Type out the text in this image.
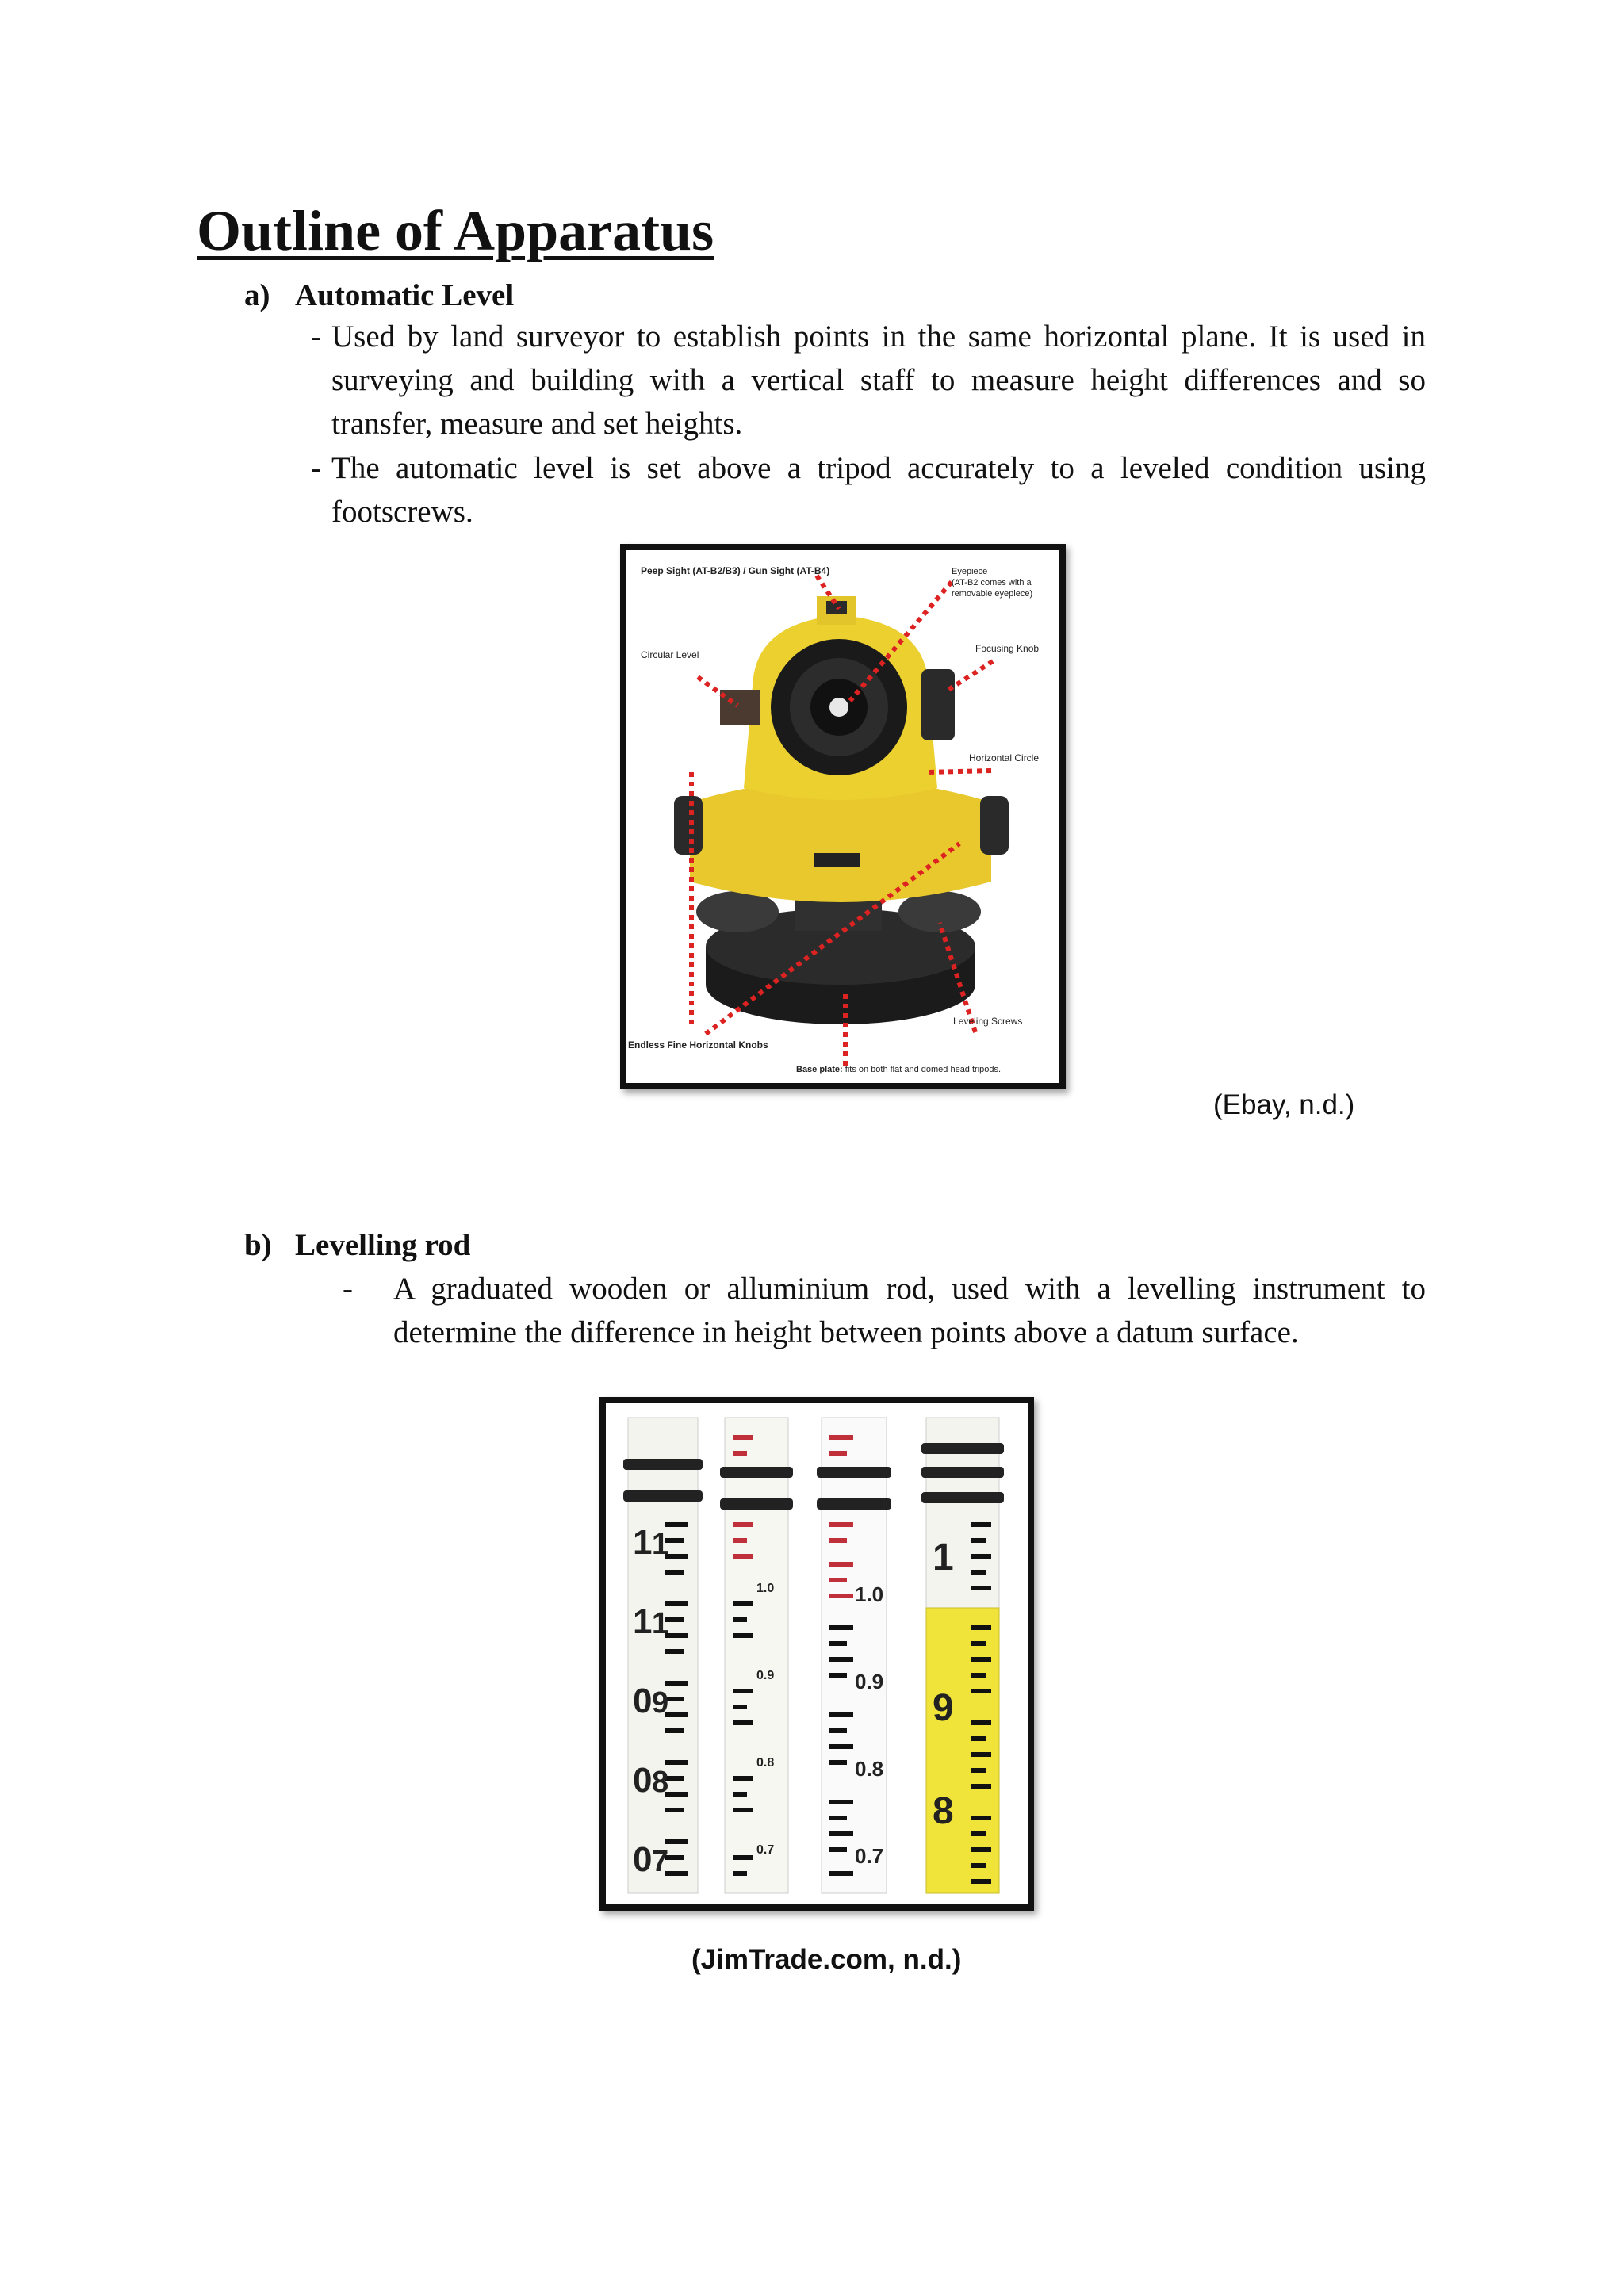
Outline of Apparatus
a) Automatic Level
- Used by land surveyor to establish points in the same horizontal plane. It is used in surveying and building with a vertical staff to measure height differences and so transfer, measure and set heights.
- The automatic level is set above a tripod accurately to a leveled condition using footscrews.
Peep Sight (AT-B2/B3) / Gun Sight (AT-B4)	Eyepiece
(AT-B2 comes with a
removable eyepiece)
Circular Level
Focusing Knob
Horizontal Circle
Leveling Screws
Endless Fine Horizontal Knobs
Base plate: fits on both flat and domed head tripods.
(Ebay, n.d.)
b) Levelling rod
- A graduated wooden or alluminium rod, used with a levelling instrument to determine the difference in height between points above a datum surface.
1
1
0
0
0
1
1
9
8
7
1.0
0.9
0.8
0.7
1.0
0.9
0.8
0.7
1
9
8
(JimTrade.com, n.d.)
